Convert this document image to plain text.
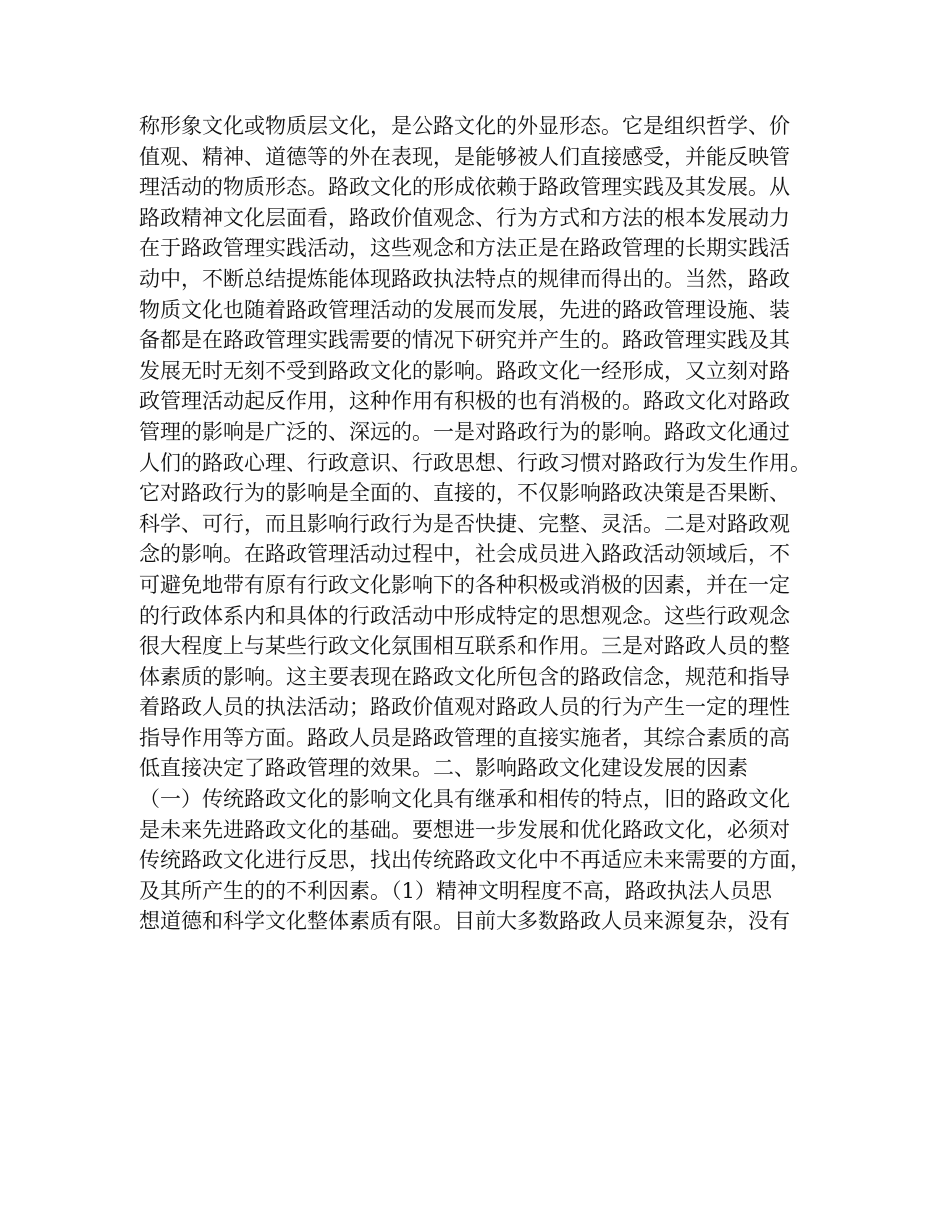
称形象文化或物质层文化，是公路文化的外显形态。它是组织哲学、价
值观、精神、道德等的外在表现，是能够被人们直接感受，并能反映管
理活动的物质形态。路政文化的形成依赖于路政管理实践及其发展。从
路政精神文化层面看，路政价值观念、行为方式和方法的根本发展动力
在于路政管理实践活动，这些观念和方法正是在路政管理的长期实践活
动中，不断总结提炼能体现路政执法特点的规律而得出的。当然，路政
物质文化也随着路政管理活动的发展而发展，先进的路政管理设施、装
备都是在路政管理实践需要的情况下研究并产生的。路政管理实践及其
发展无时无刻不受到路政文化的影响。路政文化一经形成，又立刻对路
政管理活动起反作用，这种作用有积极的也有消极的。路政文化对路政
管理的影响是广泛的、深远的。一是对路政行为的影响。路政文化通过
人们的路政心理、行政意识、行政思想、行政习惯对路政行为发生作用。
它对路政行为的影响是全面的、直接的，不仅影响路政决策是否果断、
科学、可行，而且影响行政行为是否快捷、完整、灵活。二是对路政观
念的影响。在路政管理活动过程中，社会成员进入路政活动领域后，不
可避免地带有原有行政文化影响下的各种积极或消极的因素，并在一定
的行政体系内和具体的行政活动中形成特定的思想观念。这些行政观念
很大程度上与某些行政文化氛围相互联系和作用。三是对路政人员的整
体素质的影响。这主要表现在路政文化所包含的路政信念，规范和指导
着路政人员的执法活动；路政价值观对路政人员的行为产生一定的理性
指导作用等方面。路政人员是路政管理的直接实施者，其综合素质的高
低直接决定了路政管理的效果。二、影响路政文化建设发展的因素
（一）传统路政文化的影响文化具有继承和相传的特点，旧的路政文化
是未来先进路政文化的基础。要想进一步发展和优化路政文化，必须对
传统路政文化进行反思，找出传统路政文化中不再适应未来需要的方面，
及其所产生的的不利因素。（1）精神文明程度不高，路政执法人员思
想道德和科学文化整体素质有限。目前大多数路政人员来源复杂，没有
